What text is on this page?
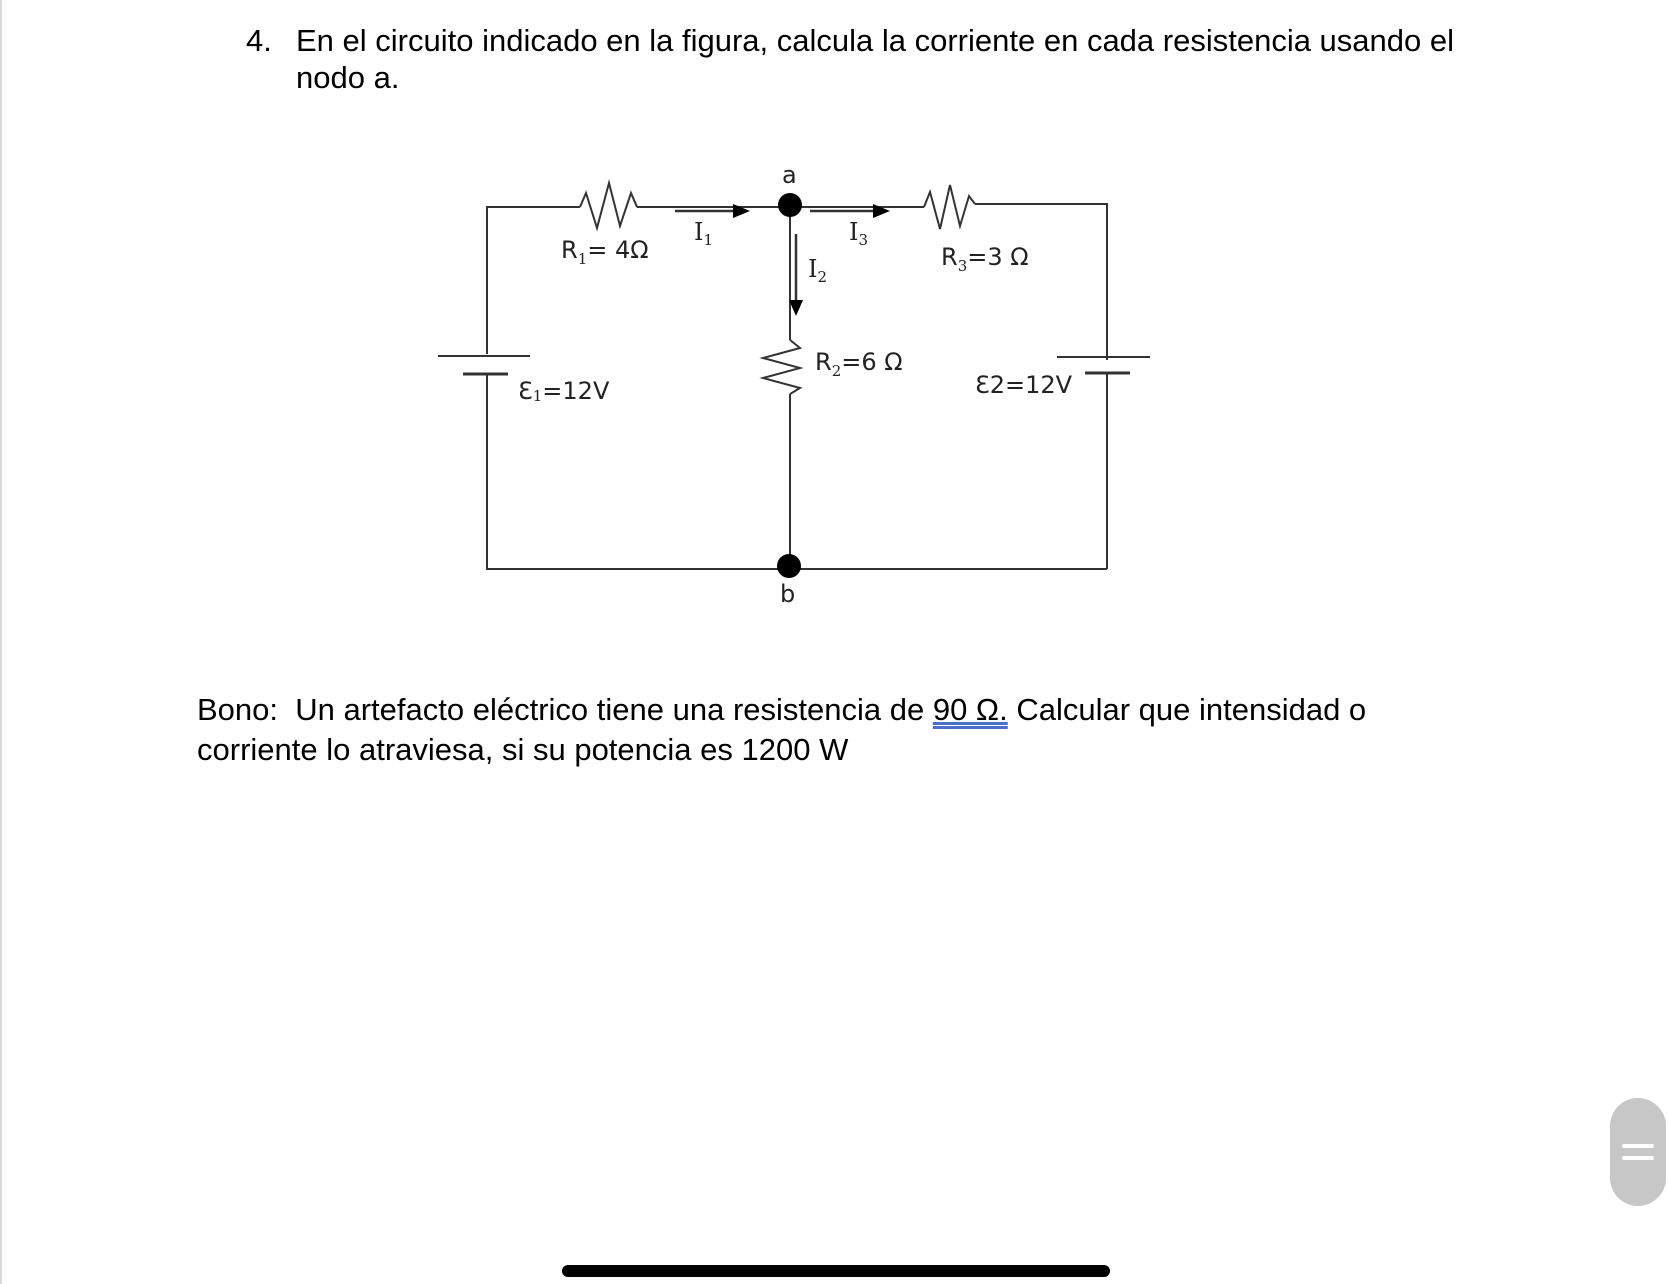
4. En el circuito indicado en la figura, calcula la corriente en cada resistencia usando el
nodo a.
a
b
$R_1= 4\Omega$	$R_3=3$ Ω
$R_2=6$ Ω
$I_1$	$I_3$
$I_2$
Ɛ1=12V	Ɛ2=12V
Bono: Un artefacto eléctrico tiene una resistencia de 90 Ω. Calcular que intensidad o
corriente lo atraviesa, si su potencia es 1200 W
